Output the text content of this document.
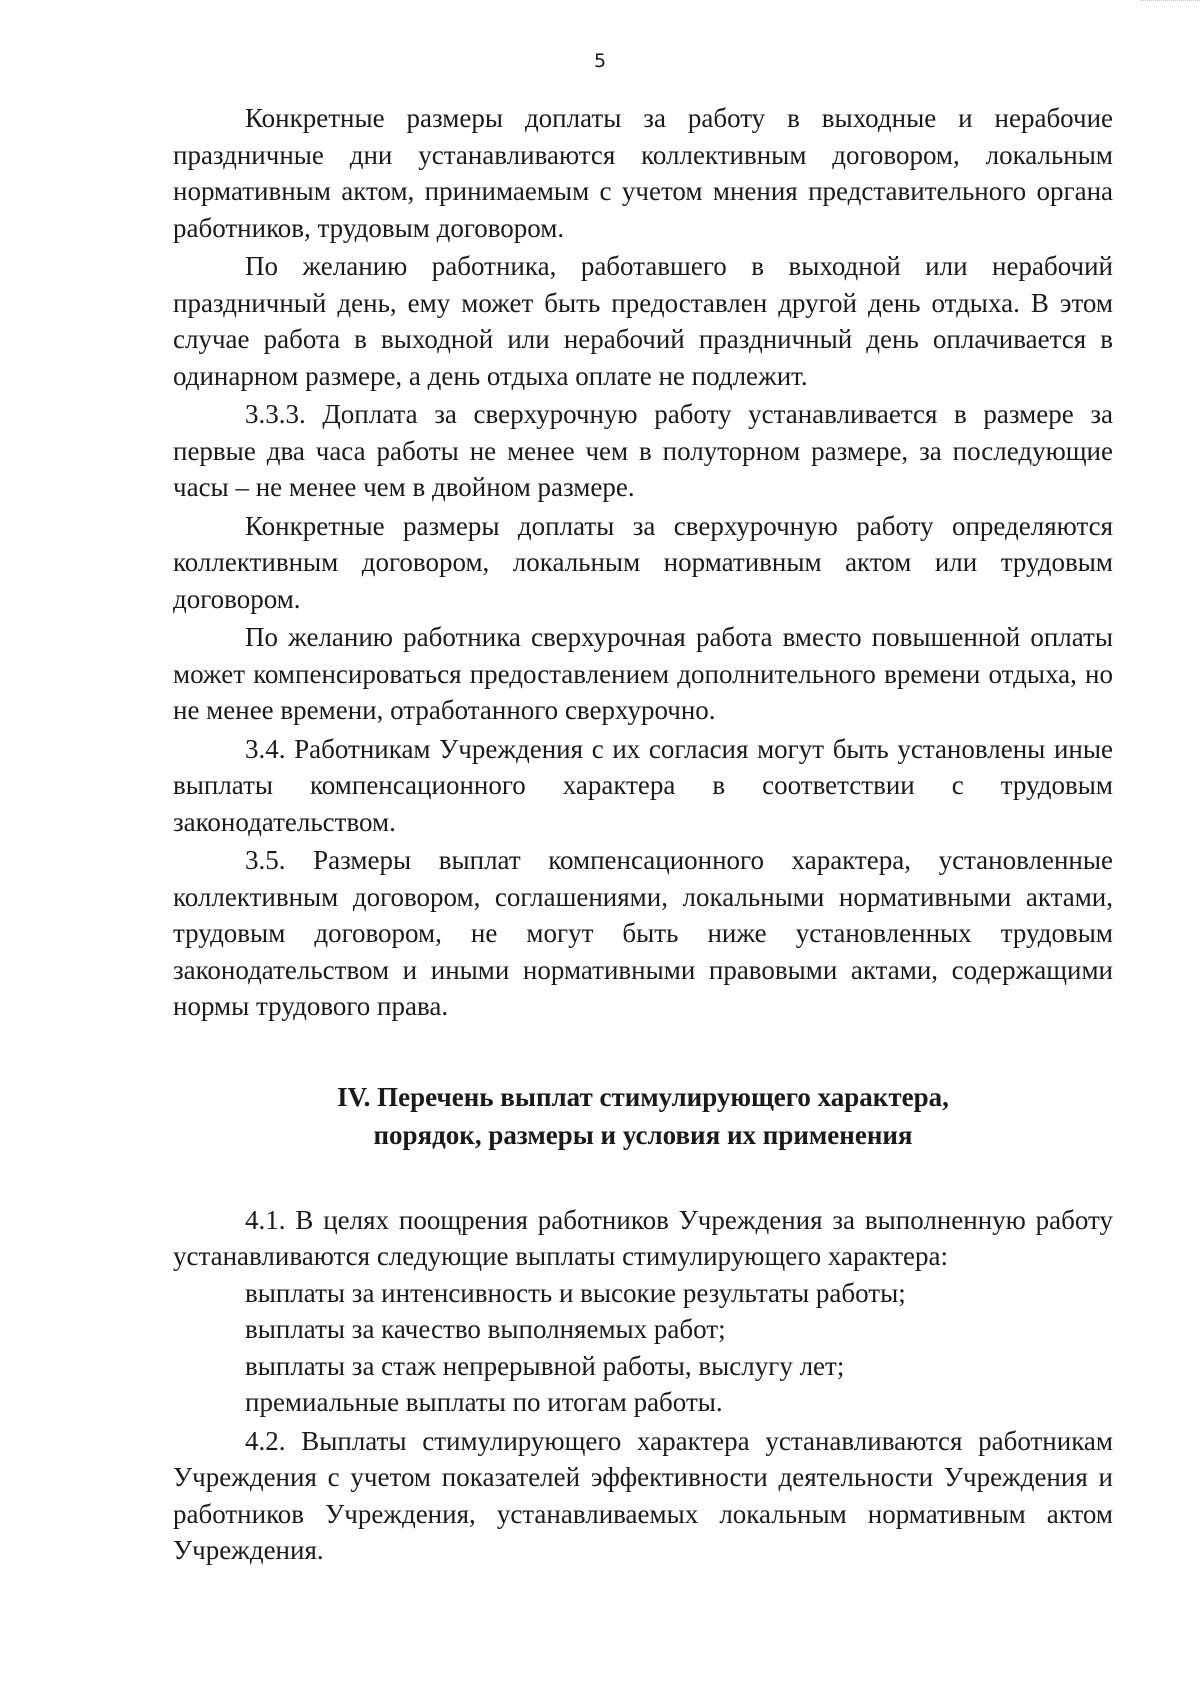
5

Конкретные размеры доплаты за работу в выходные и нерабочие праздничные дни устанавливаются коллективным договором, локальным нормативным актом, принимаемым с учетом мнения представительного органа работников, трудовым договором.

По желанию работника, работавшего в выходной или нерабочий праздничный день, ему может быть предоставлен другой день отдыха. В этом случае работа в выходной или нерабочий праздничный день оплачивается в одинарном размере, а день отдыха оплате не подлежит.

3.3.3. Доплата за сверхурочную работу устанавливается в размере за первые два часа работы не менее чем в полуторном размере, за последующие часы – не менее чем в двойном размере.

Конкретные размеры доплаты за сверхурочную работу определяются коллективным договором, локальным нормативным актом или трудовым договором.

По желанию работника сверхурочная работа вместо повышенной оплаты может компенсироваться предоставлением дополнительного времени отдыха, но не менее времени, отработанного сверхурочно.

3.4. Работникам Учреждения с их согласия могут быть установлены иные выплаты компенсационного характера в соответствии с трудовым законодательством.

3.5. Размеры выплат компенсационного характера, установленные коллективным договором, соглашениями, локальными нормативными актами, трудовым договором, не могут быть ниже установленных трудовым законодательством и иными нормативными правовыми актами, содержащими нормы трудового права.

IV. Перечень выплат стимулирующего характера,
порядок, размеры и условия их применения

4.1. В целях поощрения работников Учреждения за выполненную работу устанавливаются следующие выплаты стимулирующего характера:

выплаты за интенсивность и высокие результаты работы;

выплаты за качество выполняемых работ;

выплаты за стаж непрерывной работы, выслугу лет;

премиальные выплаты по итогам работы.

4.2. Выплаты стимулирующего характера устанавливаются работникам Учреждения с учетом показателей эффективности деятельности Учреждения и работников Учреждения, устанавливаемых локальным нормативным актом Учреждения.
